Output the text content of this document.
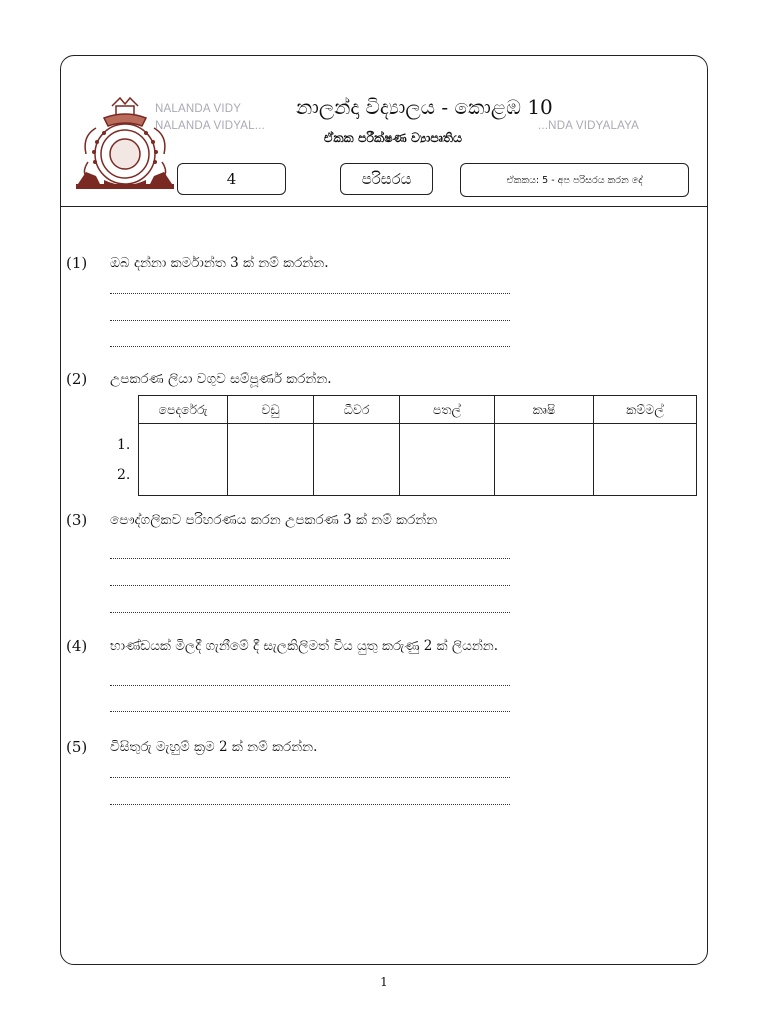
NALANDA VIDY
NALANDA VIDYAL...	...NDA VIDYALAYA
නාලන්දා විද්‍යාලය - කොළඹ 10
ඒකක පරීක්ෂණ ව්‍යාපෘතිය
4	පරිසරය	ඒකකය: 5 - අප පරිසරය කරන දේ
(1) ඔබ දන්නා කර්මාන්ත 3 ක් නම් කරන්න.
(2) උපකරණ ලියා වගුව සම්පූර්ණ කරන්න.
පෙදරේරු	වඩු	ධීවර	පතල්	කෘෂි	කම්මල්

1.
2.
(3) පෞද්ගලිකව පරිහරණය කරන උපකරණ 3 ක් නම් කරන්න
(4) භාණ්ඩයක් මිලදී ගැනීමේ දී සැලකිලිමත් විය යුතු කරුණු 2 ක් ලියන්න.
(5) විසිතුරු මැහුම් ක්‍රම 2 ක් නම් කරන්න.
1
